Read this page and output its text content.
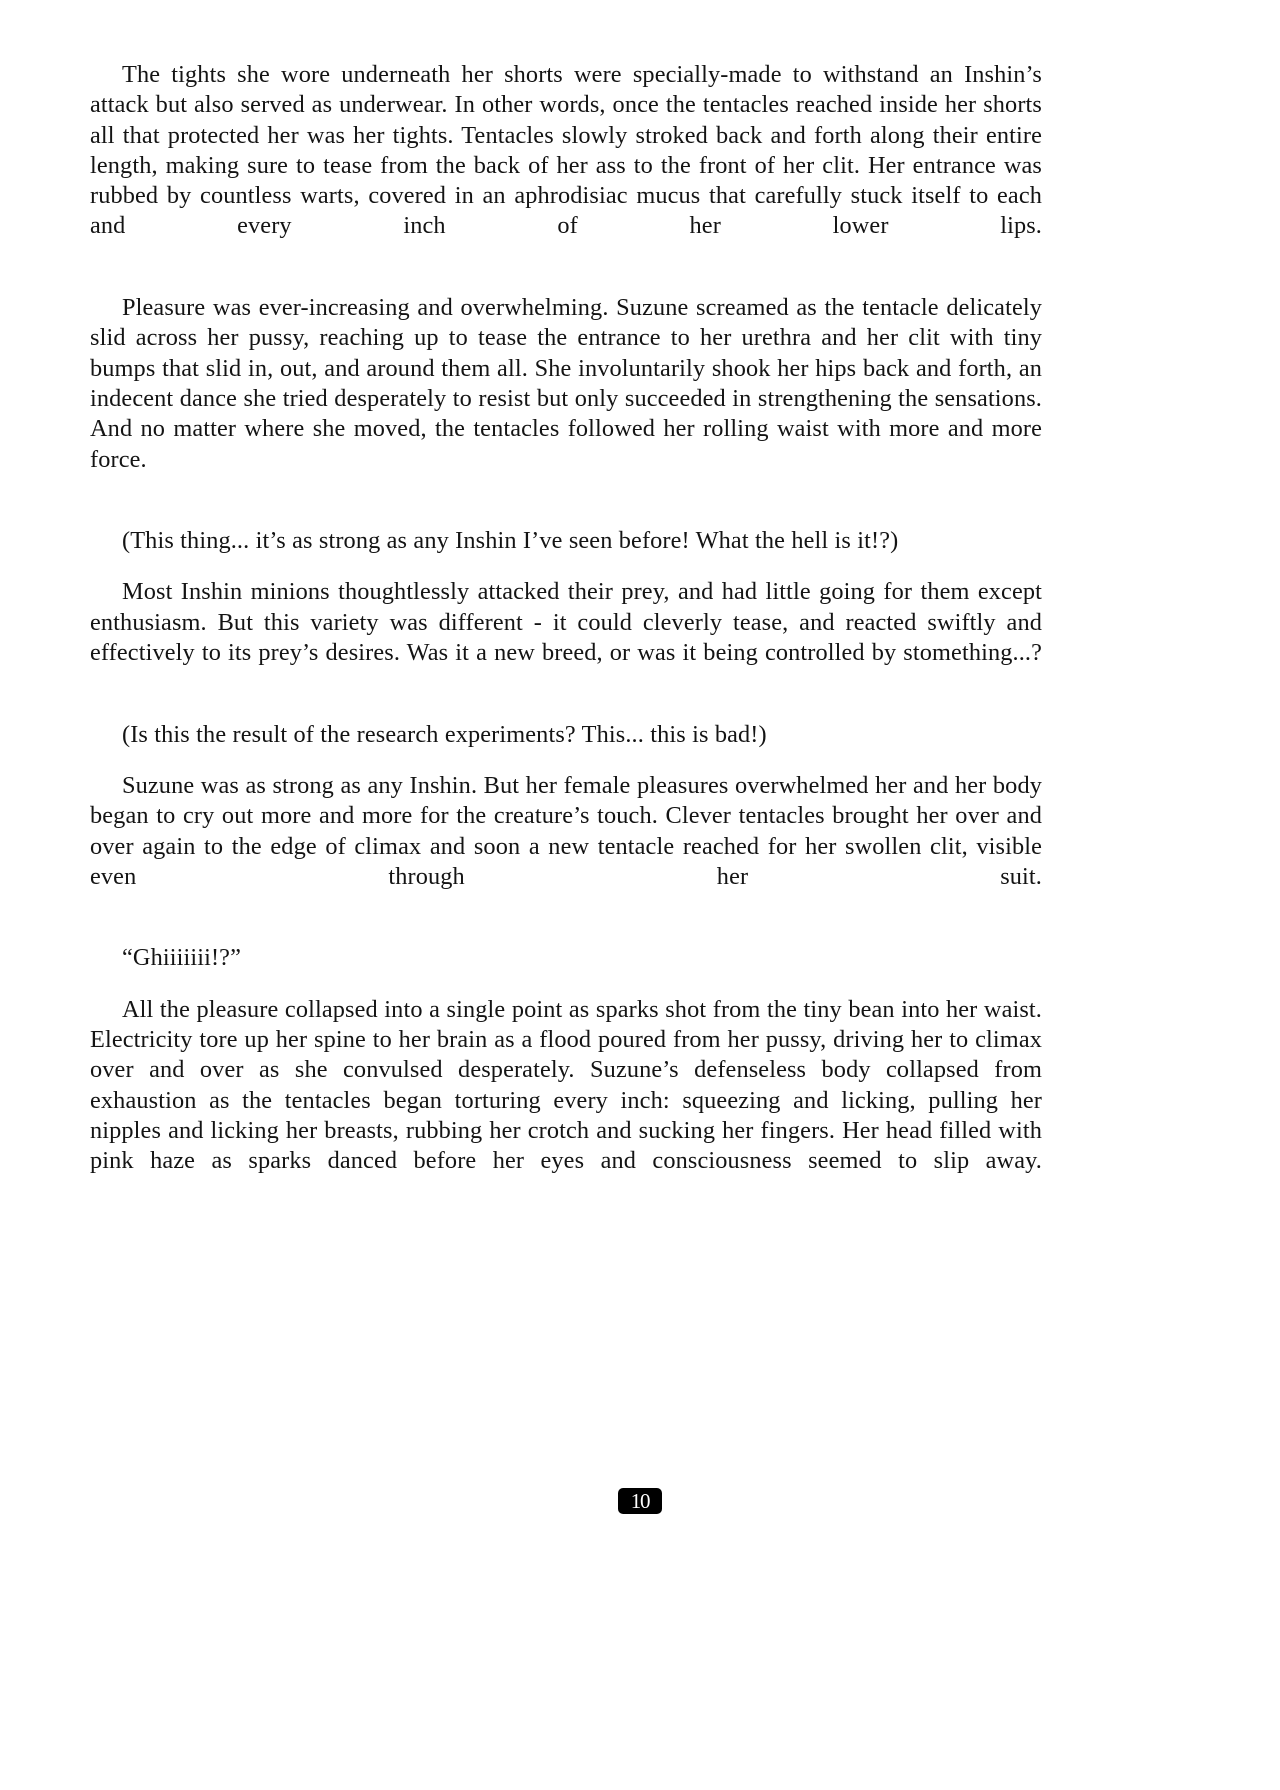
The tights she wore underneath her shorts were specially-made to withstand an Inshin’s attack but also served as underwear. In other words, once the tentacles reached inside her shorts all that protected her was her tights. Tentacles slowly stroked back and forth along their entire length, making sure to tease from the back of her ass to the front of her clit. Her entrance was rubbed by countless warts, covered in an aphrodisiac mucus that carefully stuck itself to each and every inch of her lower lips.

Pleasure was ever-increasing and overwhelming. Suzune screamed as the tentacle delicately slid across her pussy, reaching up to tease the entrance to her urethra and her clit with tiny bumps that slid in, out, and around them all. She involuntarily shook her hips back and forth, an indecent dance she tried desperately to resist but only succeeded in strengthening the sensations. And no matter where she moved, the tentacles followed her rolling waist with more and more force.

(This thing... it’s as strong as any Inshin I’ve seen before! What the hell is it!?)

Most Inshin minions thoughtlessly attacked their prey, and had little going for them except enthusiasm. But this variety was different - it could cleverly tease, and reacted swiftly and effectively to its prey’s desires. Was it a new breed, or was it being controlled by stomething...?

(Is this the result of the research experiments? This... this is bad!)

Suzune was as strong as any Inshin. But her female pleasures overwhelmed her and her body began to cry out more and more for the creature’s touch. Clever tentacles brought her over and over again to the edge of climax and soon a new tentacle reached for her swollen clit, visible even through her suit.

“Ghiiiiiii!?”

All the pleasure collapsed into a single point as sparks shot from the tiny bean into her waist. Electricity tore up her spine to her brain as a flood poured from her pussy, driving her to climax over and over as she convulsed desperately. Suzune’s defenseless body collapsed from exhaustion as the tentacles began torturing every inch: squeezing and licking, pulling her nipples and licking her breasts, rubbing her crotch and sucking her fingers. Her head filled with pink haze as sparks danced before her eyes and consciousness seemed to slip away.

10
